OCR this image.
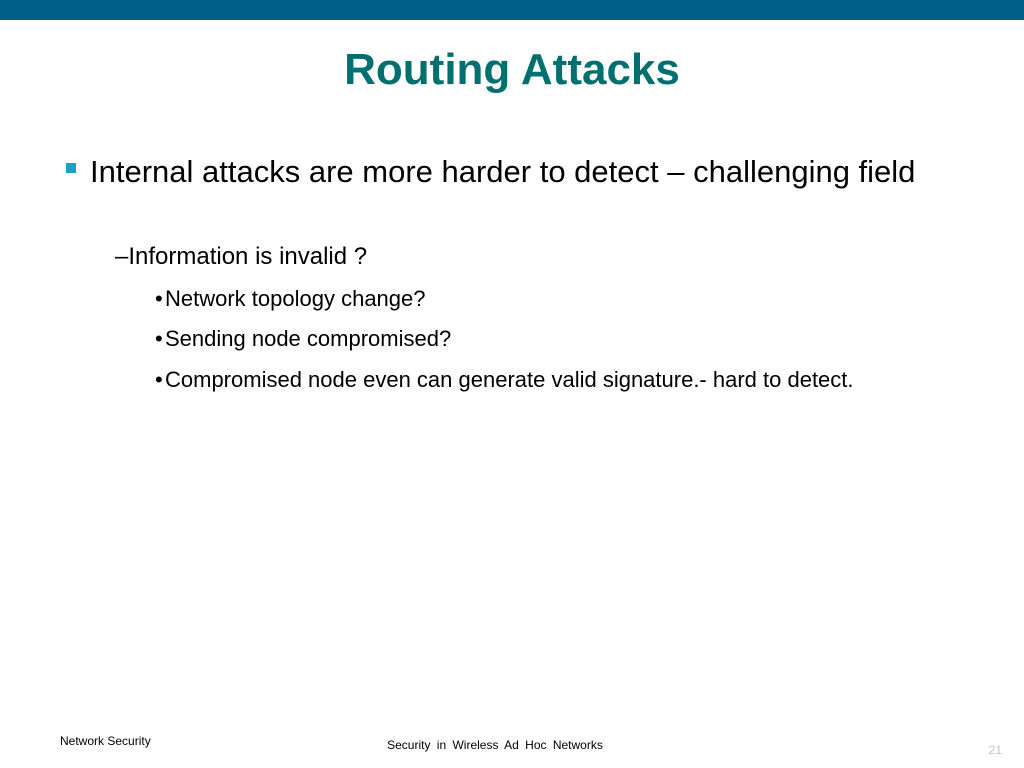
Routing Attacks
Internal attacks are more harder to detect – challenging field
–Information is invalid ?
• Network topology change?
• Sending node compromised?
• Compromised node even can generate valid signature.- hard to detect.
Network Security	Security in Wireless Ad Hoc Networks	21
